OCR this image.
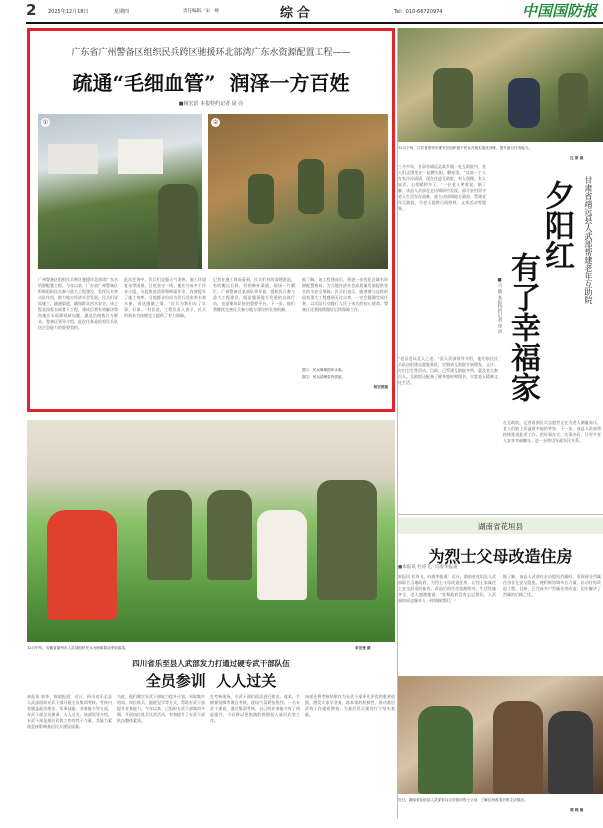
2 2025年12月18日	星期四	责任编辑／宋　峰	综合	Tel：010-66720974	中国国防报
广东省广州警备区组织民兵跨区驰援环北部湾广东水资源配置工程——
疏通“毛细血管”  润泽一方百姓
■杨宏滨 本报特约记者 屈 亮
①	②
广州警备区组织民兵跨区驰援环北部湾广东水资源配置工程。今年以来，广东省广州警备区积极组织民兵参与重大工程建设，发挥民兵突击队作用，助力地方经济社会发展。民兵们冒雨施工，疏通渠道，确保群众用水安全。该工程是国家水网骨干工程，建成后将有效解决粤西地区水资源短缺问题，惠及沿线数百万群众。警备区领导介绍，此次任务是检验民兵队伍应急能力的重要契机。
此次任务中，民兵们克服天气炎热、施工环境复杂等困难，日夜坚守一线。他们分成多个作业小组，分段推进清淤和修渠作业，有效提升了施工效率。当地群众纷纷为民兵送来茶水和水果，表达感激之情。“民兵为我们办了实事、好事。”村民说。工程负责人表示，民兵的到来为按期完工提供了有力保障。
记者在施工现场看到，民兵们有的清理淤泥，有的搬运石料，有的修补渠道，现场一片繁忙。广州警备区某部队领导说，组织民兵参与重大工程建设，既是服务地方发展的具体行动，也是锤炼队伍的重要平台。下一步，他们将继续完善民兵参与地方建设的长效机制。
据了解，该工程建成后，将进一步优化区域水资源配置格局，为当地经济社会高质量发展提供坚实的水安全保障。民兵们表示，能够参与这样的国家重大工程感到无比自豪，一定会圆满完成任务，以实际行动践行人民子弟兵的初心使命。警备区还将持续做好后续保障工作。
图①：民兵修理损坏水渠。
图②：民兵清理渠内淤泥。
杨宏滨摄
12月下旬，江苏省淮安市淮安区组织基干民兵开展实战化训练，提升遂行任务能力。
汪 斯 摄
三月中旬，甘肃省靖远县某乡镇一处互助院内，老人们正围坐在一起晒太阳、聊家常。“以前一个人在家冷冷清清，现在住进互助院，有人照顾，有人说话，心里暖和多了。”一位老人笑着说。据了解，该县人武部在走访调研中发现，部分农村留守老人生活存在困难，遂主动协调地方政府，帮建老年互助院，为老人提供日间照料、文体活动等服务。	甘肃省靖远县人武部帮建老年互助院
夕阳红
有了幸福家
■马 敏 本报特约记者 徐 涛
“老吾老以及人之老。”县人武部领导介绍，他们依托民兵队伍组建志愿服务队，定期到互助院开展理发、义诊、打扫卫生等活动。目前，已帮建互助院多所，惠及老人数百人。互助院还配备了健身器材和图书，丰富老人精神文化生活。
在互助院，记者看到民兵志愿者正在为老人测量血压，老人们脸上洋溢着幸福的笑容。下一步，该县人武部将持续推进此项工作，把好事办实、实事办好，让更多老人安享幸福晚年，进一步密切军政军民关系。
12月中旬，安徽省滁州市人武部组织民兵为困难群众采收蔬菜。	李宏斐 摄
四川省乐至县人武部发力打通过硬专武干部队伍
全员参训  人人过关
本报讯 郭华、陈超报道：近日，四川省乐至县人武部组织专武干部开展全员集训考核。考核内容涵盖政治理论、军事技能、业务能力等方面，专武干部全员参训，人人过关。该部领导介绍，专武干部是基层武装工作的骨干力量，其能力素质直接影响基层民兵建设质量。
为此，他们制定专武干部能力提升计划，采取集中培训、岗位练兵、跟班见学等方式，帮助专武干部提升业务能力。今年以来，已组织专武干部集训多期，开展岗位练兵比武活动，有效提升了专武干部队伍整体素质。
在考核现场，专武干部们依次进行射击、战术、手榴弹投掷等课目考核，现场气氛紧张热烈。一名专武干部说，通过集训考核，自己的业务能力有了明显提升，今后将以更饱满的热情投入基层武装工作。
该部还将考核结果作为专武干部评先评优的重要依据，激发大家学业务、练本领的积极性，推动基层武装工作提质增效，为基层民兵建设打下坚实基础。
湖南省花垣县
为烈士父母改造住房
本报讯 杜涛飞、向春华报道：近日，湖南省花垣县人武部联合当地政府，为烈士父母改造住房，让烈士家属住上安全舒适的新房。改造后的住房宽敞明亮，生活设施齐全，老人感激地说：“党和政府没有忘记我们，人武部的同志像亲人一样照顾我们。”
据了解，该县人武部在走访慰问烈属时，发现部分烈属住房存在安全隐患，便积极协调多方力量，启动住房改造工程。目前，已完成多户烈属住房改造，切实解决了烈属的后顾之忧。
近日，湖南省花垣县人武部官兵走访慰问烈士父母，了解住房改造后的生活情况。
谭 晓 摄
■本报讯 杜涛飞、向春华报道
